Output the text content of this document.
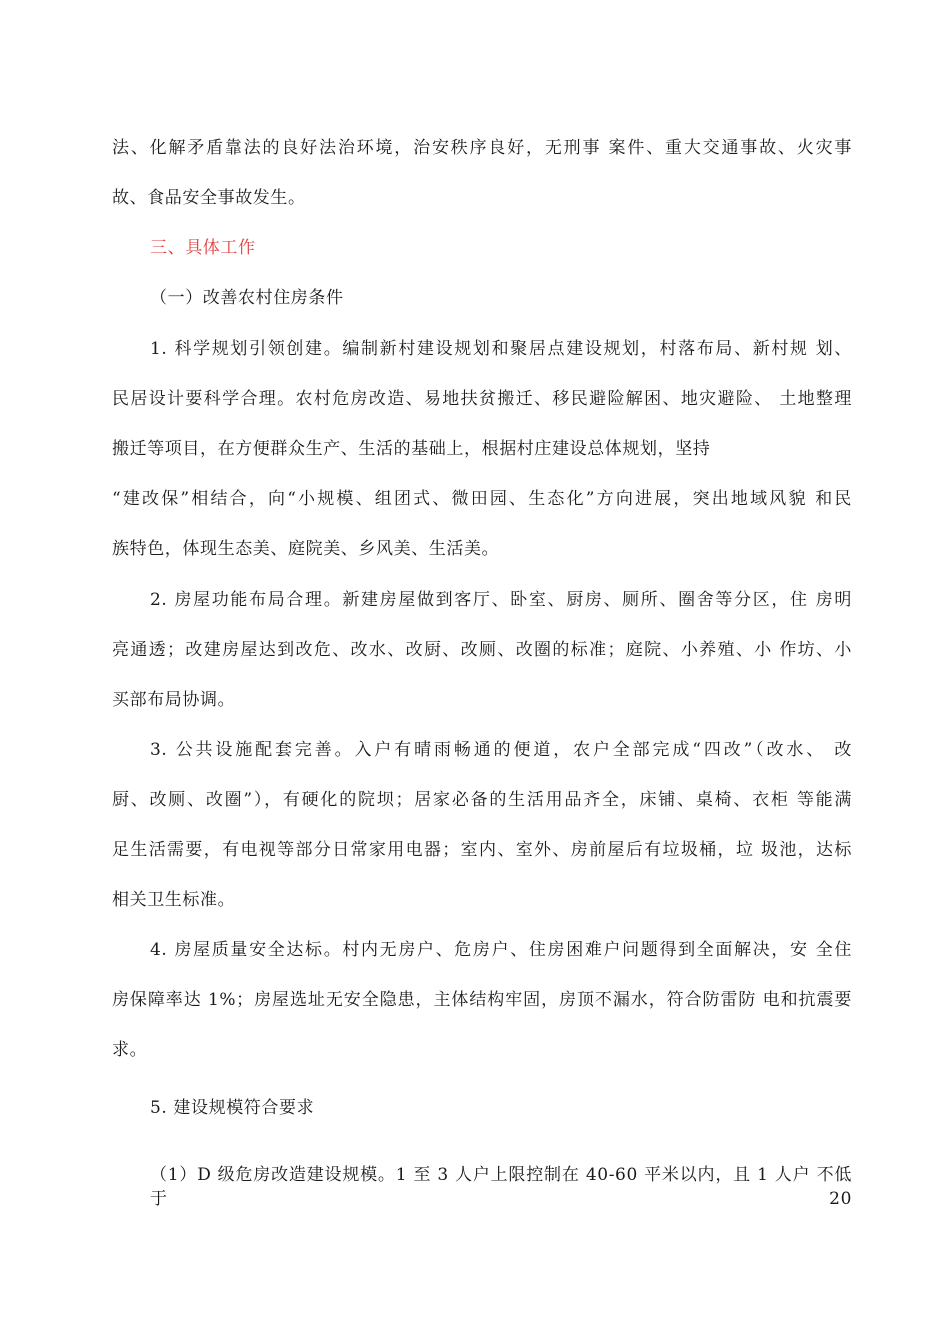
法、化解矛盾靠法的良好法治环境，治安秩序良好，无刑事 案件、重大交通事故、火灾事
故、食品安全事故发生。
三、具体工作
（一）改善农村住房条件
1. 科学规划引领创建。编制新村建设规划和聚居点建设规划，村落布局、新村规 划、
民居设计要科学合理。农村危房改造、易地扶贫搬迁、移民避险解困、地灾避险、 土地整理
搬迁等项目，在方便群众生产、生活的基础上，根据村庄建设总体规划，坚持
“建改保”相结合，向“小规模、组团式、微田园、生态化”方向进展，突出地域风貌 和民
族特色，体现生态美、庭院美、乡风美、生活美。
2. 房屋功能布局合理。新建房屋做到客厅、卧室、厨房、厕所、圈舍等分区，住 房明
亮通透；改建房屋达到改危、改水、改厨、改厕、改圈的标准；庭院、小养殖、小 作坊、小
买部布局协调。
3. 公共设施配套完善。入户有晴雨畅通的便道，农户全部完成“四改”（改水、 改
厨、改厕、改圈”），有硬化的院坝；居家必备的生活用品齐全，床铺、桌椅、衣柜 等能满
足生活需要，有电视等部分日常家用电器；室内、室外、房前屋后有垃圾桶，垃 圾池，达标
相关卫生标准。
4. 房屋质量安全达标。村内无房户、危房户、住房困难户问题得到全面解决，安 全住
房保障率达 1%；房屋选址无安全隐患，主体结构牢固，房顶不漏水，符合防雷防 电和抗震要
求。
5. 建设规模符合要求
（1）D 级危房改造建设规模。1 至 3 人户上限控制在 40-60 平米以内，且 1 人户 不低于 20
